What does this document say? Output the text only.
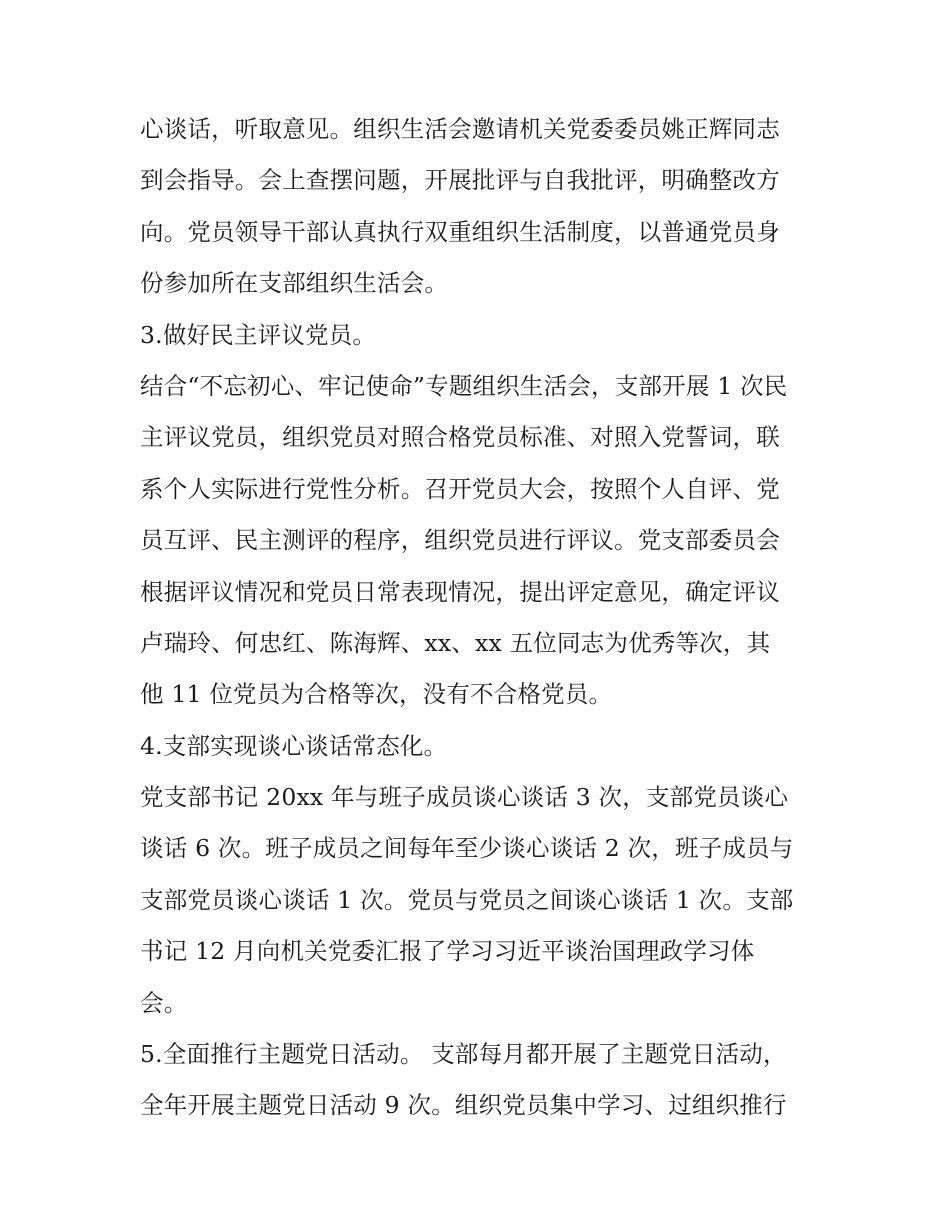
心谈话，听取意见。组织生活会邀请机关党委委员姚正辉同志
到会指导。会上查摆问题，开展批评与自我批评，明确整改方
向。党员领导干部认真执行双重组织生活制度，以普通党员身
份参加所在支部组织生活会。
3.做好民主评议党员。
结合“不忘初心、牢记使命”专题组织生活会，支部开展 1 次民
主评议党员，组织党员对照合格党员标准、对照入党誓词，联
系个人实际进行党性分析。召开党员大会，按照个人自评、党
员互评、民主测评的程序，组织党员进行评议。党支部委员会
根据评议情况和党员日常表现情况，提出评定意见，确定评议
卢瑞玲、何忠红、陈海辉、xx、xx 五位同志为优秀等次，其
他 11 位党员为合格等次，没有不合格党员。
4.支部实现谈心谈话常态化。
党支部书记 20xx 年与班子成员谈心谈话 3 次，支部党员谈心
谈话 6 次。班子成员之间每年至少谈心谈话 2 次，班子成员与
支部党员谈心谈话 1 次。党员与党员之间谈心谈话 1 次。支部
书记 12 月向机关党委汇报了学习习近平谈治国理政学习体
会。
5.全面推行主题党日活动。 支部每月都开展了主题党日活动，
全年开展主题党日活动 9 次。组织党员集中学习、过组织推行
